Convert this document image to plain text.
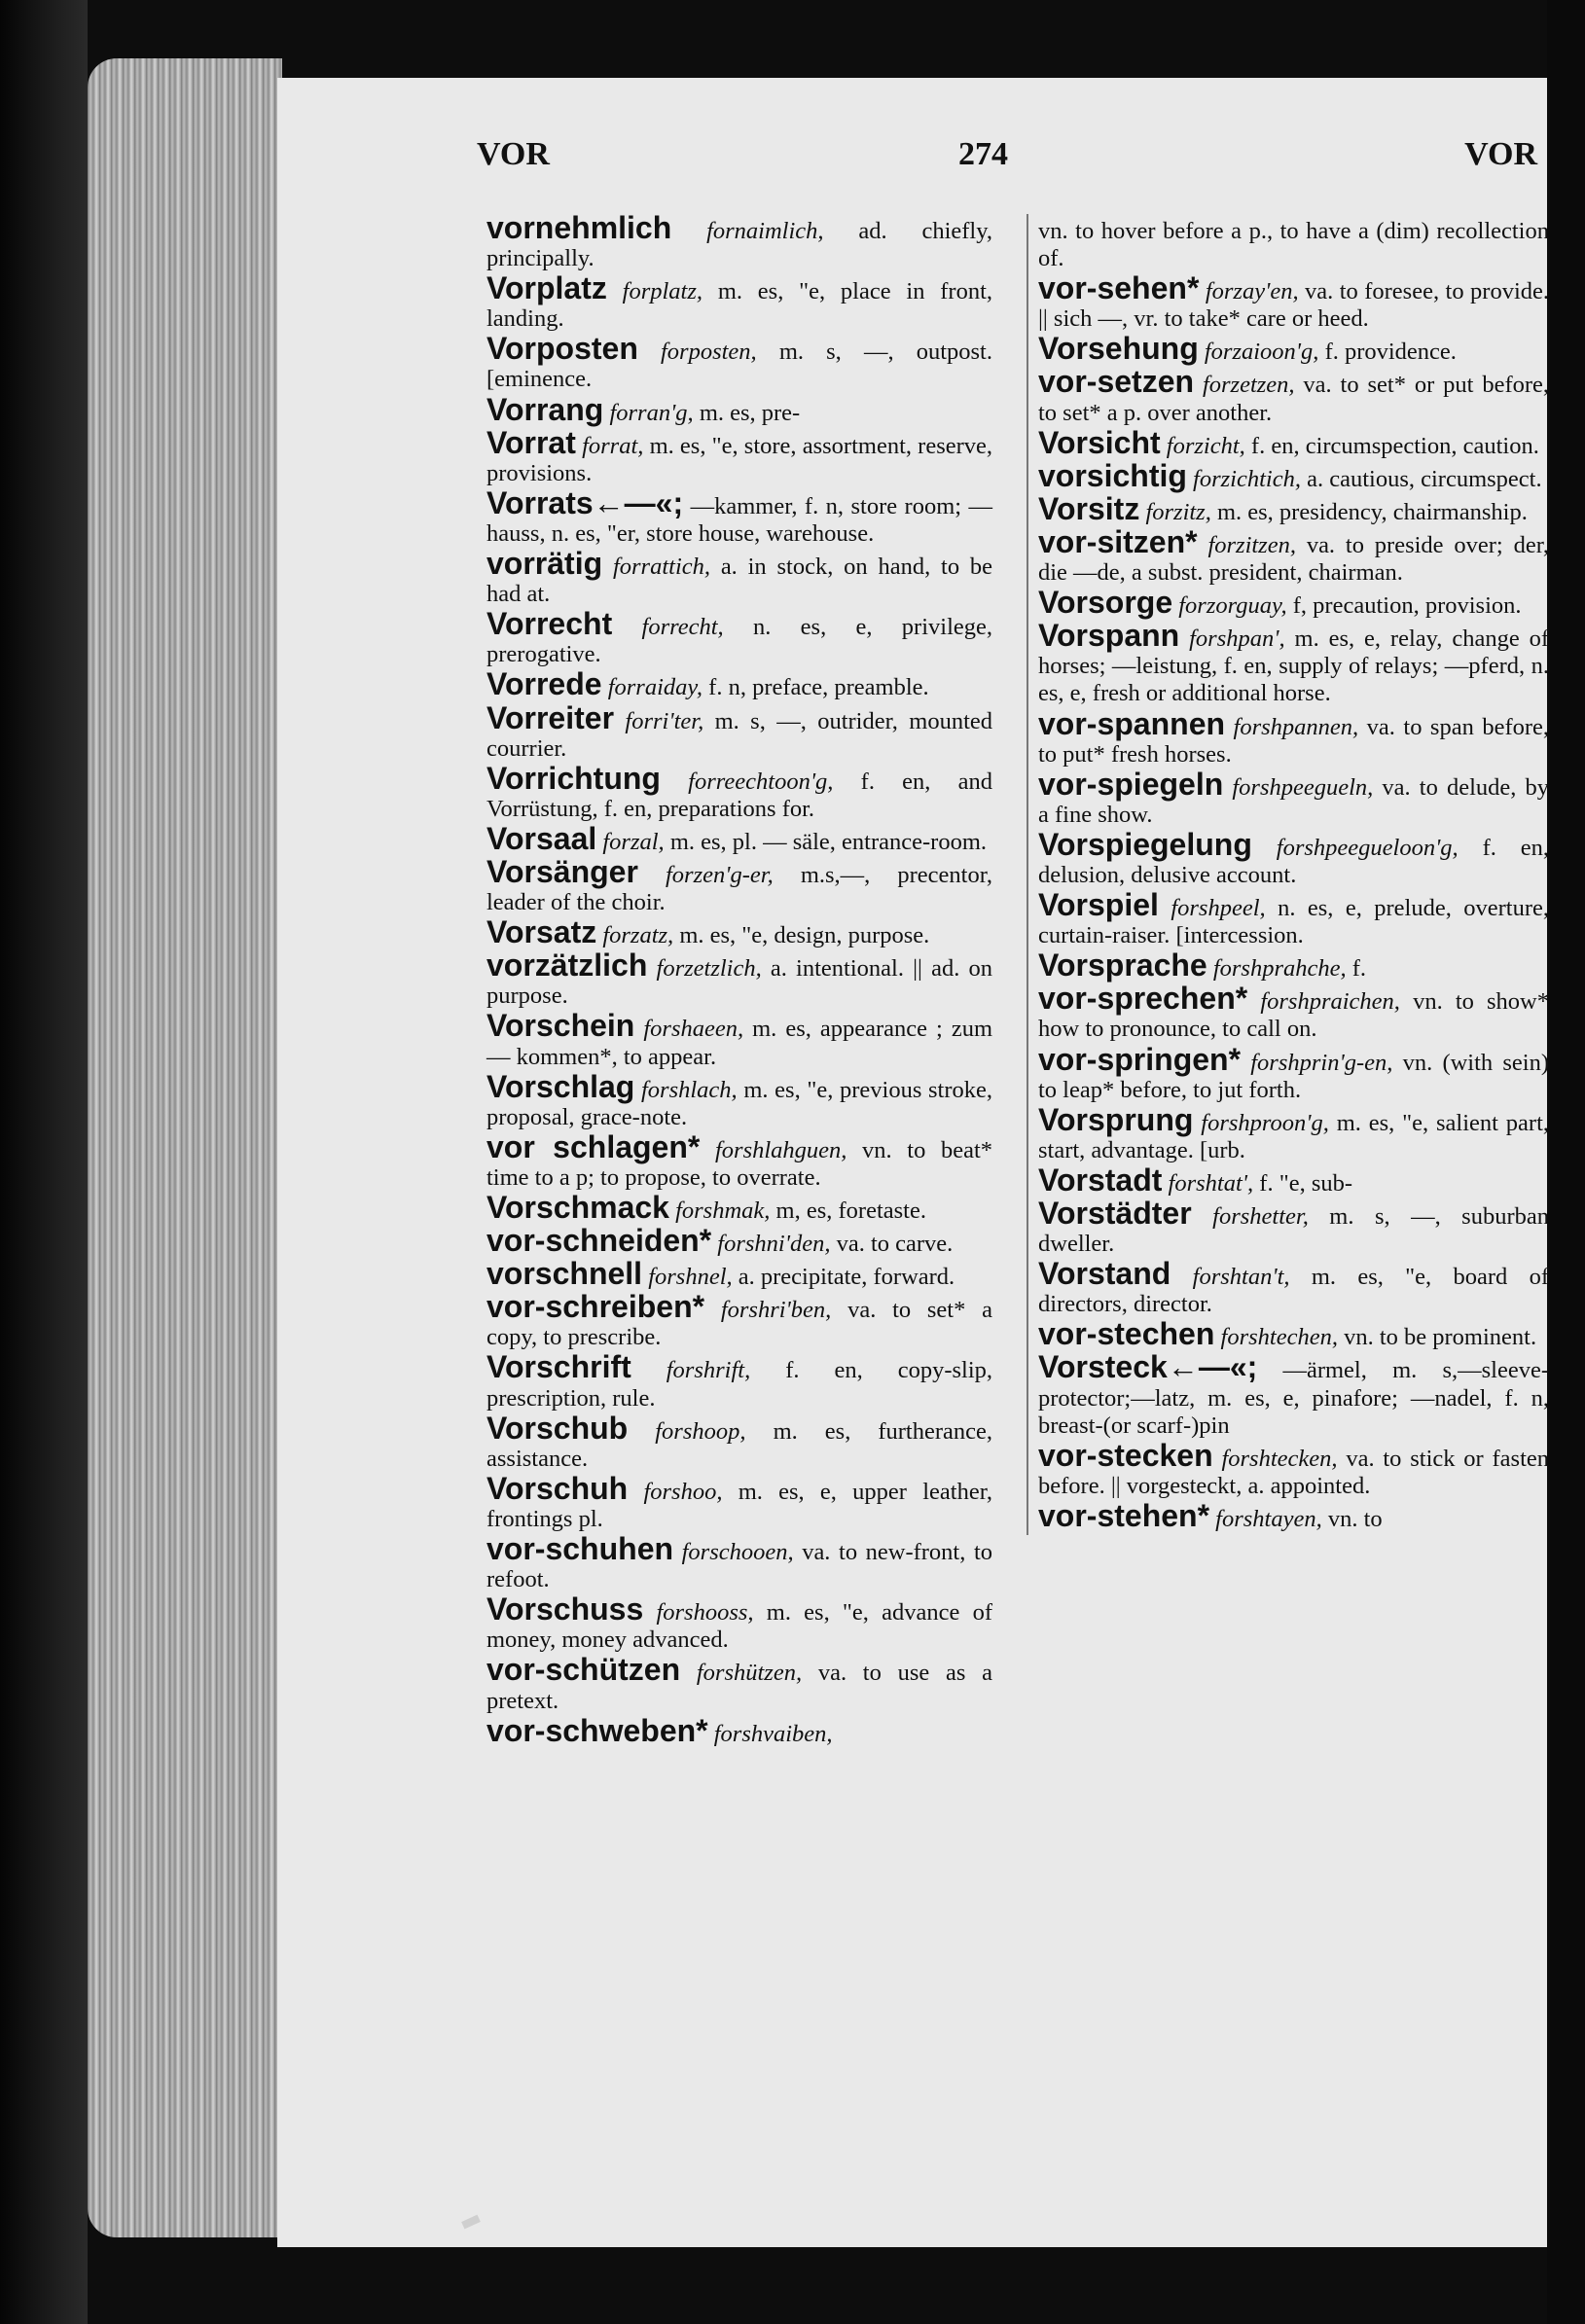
VOR	274	VOR
vornehmlich fornaimlich, ad. chiefly, principally.
Vorplatz forplatz, m. es, "e, place in front, landing.
Vorposten forposten, m. s, —, outpost. [eminence.
Vorrang forran'g, m. es, pre-
Vorrat forrat, m. es, "e, store, assortment, reserve, provisions.
Vorrats←—«; —kammer, f. n, store room; —hauss, n. es, "er, store house, warehouse.
vorrätig forrattich, a. in stock, on hand, to be had at.
Vorrecht forrecht, n. es, e, privilege, prerogative.
Vorrede forraiday, f. n, preface, preamble.
Vorreiter forri'ter, m. s, —, outrider, mounted courrier.
Vorrichtung forreechtoon'g, f. en, and Vorrüstung, f. en, preparations for.
Vorsaal forzal, m. es, pl. — säle, entrance-room.
Vorsänger forzen'g-er, m.s,—, precentor, leader of the choir.
Vorsatz forzatz, m. es, "e, design, purpose.
vorzätzlich forzetzlich, a. intentional. || ad. on purpose.
Vorschein forshaeen, m. es, appearance ; zum — kommen*, to appear.
Vorschlag forshlach, m. es, "e, previous stroke, proposal, grace-note.
vor schlagen* forshlahguen, vn. to beat* time to a p; to propose, to overrate.
Vorschmack forshmak, m, es, foretaste.
vor-schneiden* forshni'den, va. to carve.
vorschnell forshnel, a. precipitate, forward.
vor-schreiben* forshri'ben, va. to set* a copy, to prescribe.
Vorschrift forshrift, f. en, copy-slip, prescription, rule.
Vorschub forshoop, m. es, furtherance, assistance.
Vorschuh forshoo, m. es, e, upper leather, frontings pl.
vor-schuhen forschooen, va. to new-front, to refoot.
Vorschuss forshooss, m. es, "e, advance of money, money advanced.
vor-schützen forshützen, va. to use as a pretext.
vor-schweben* forshvaiben,
vn. to hover before a p., to have a (dim) recollection of.
vor-sehen* forzay'en, va. to foresee, to provide. || sich —, vr. to take* care or heed.
Vorsehung forzaioon'g, f. providence.
vor-setzen forzetzen, va. to set* or put before, to set* a p. over another.
Vorsicht forzicht, f. en, circumspection, caution.
vorsichtig forzichtich, a. cautious, circumspect.
Vorsitz forzitz, m. es, presidency, chairmanship.
vor-sitzen* forzitzen, va. to preside over; der, die —de, a subst. president, chairman.
Vorsorge forzorguay, f, precaution, provision.
Vorspann forshpan', m. es, e, relay, change of horses; —leistung, f. en, supply of relays; —pferd, n. es, e, fresh or additional horse.
vor-spannen forshpannen, va. to span before, to put* fresh horses.
vor-spiegeln forshpeegueln, va. to delude, by a fine show.
Vorspiegelung forshpeegueloon'g, f. en, delusion, delusive account.
Vorspiel forshpeel, n. es, e, prelude, overture, curtain-raiser. [intercession.
Vorsprache forshprahche, f.
vor-sprechen* forshpraichen, vn. to show* how to pronounce, to call on.
vor-springen* forshprin'g-en, vn. (with sein) to leap* before, to jut forth.
Vorsprung forshproon'g, m. es, "e, salient part, start, advantage. [urb.
Vorstadt forshtat', f. "e, sub-
Vorstädter forshetter, m. s, —, suburban dweller.
Vorstand forshtan't, m. es, "e, board of directors, director.
vor-stechen forshtechen, vn. to be prominent.
Vorsteck←—«; —ärmel, m. s,—sleeve-protector;—latz, m. es, e, pinafore; —nadel, f. n, breast-(or scarf-)pin
vor-stecken forshtecken, va. to stick or fasten before. || vorgesteckt, a. appointed.
vor-stehen* forshtayen, vn. to
